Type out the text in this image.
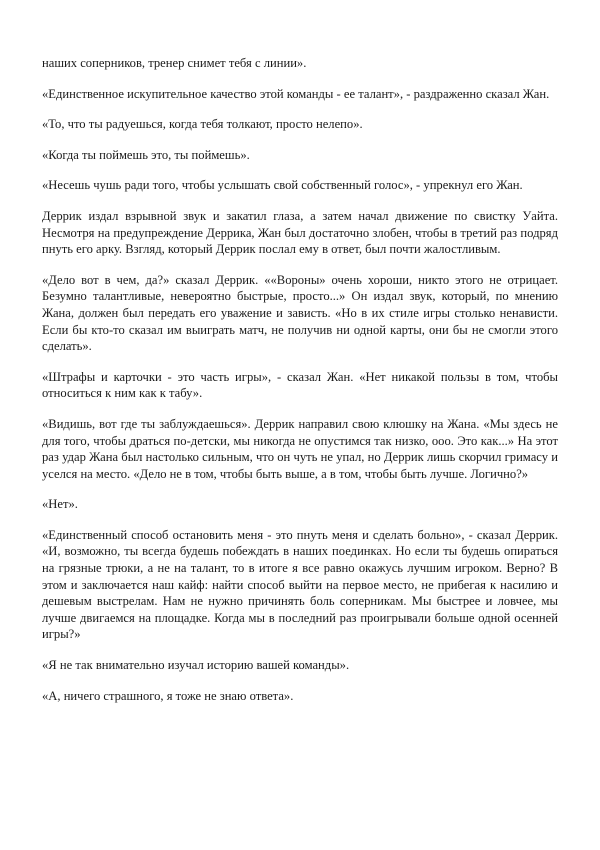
наших соперников, тренер снимет тебя с линии».

«Единственное искупительное качество этой команды - ее талант», - раздраженно сказал Жан.

«То, что ты радуешься, когда тебя толкают, просто нелепо».

«Когда ты поймешь это, ты поймешь».

«Несешь чушь ради того, чтобы услышать свой собственный голос», - упрекнул его Жан.

Деррик издал взрывной звук и закатил глаза, а затем начал движение по свистку Уайта. Несмотря на предупреждение Деррика, Жан был достаточно злобен, чтобы в третий раз подряд пнуть его арку. Взгляд, который Деррик послал ему в ответ, был почти жалостливым.

«Дело вот в чем, да?» сказал Деррик. ««Вороны» очень хороши, никто этого не отрицает. Безумно талантливые, невероятно быстрые, просто...» Он издал звук, который, по мнению Жана, должен был передать его уважение и зависть. «Но в их стиле игры столько ненависти. Если бы кто-то сказал им выиграть матч, не получив ни одной карты, они бы не смогли этого сделать».

«Штрафы и карточки - это часть игры», - сказал Жан. «Нет никакой пользы в том, чтобы относиться к ним как к табу».

«Видишь, вот где ты заблуждаешься». Деррик направил свою клюшку на Жана. «Мы здесь не для того, чтобы драться по-детски, мы никогда не опустимся так низко, ооо. Это как...» На этот раз удар Жана был настолько сильным, что он чуть не упал, но Деррик лишь скорчил гримасу и уселся на место. «Дело не в том, чтобы быть выше, а в том, чтобы быть лучше. Логично?»

«Нет».

«Единственный способ остановить меня - это пнуть меня и сделать больно», - сказал Деррик. «И, возможно, ты всегда будешь побеждать в наших поединках. Но если ты будешь опираться на грязные трюки, а не на талант, то в итоге я все равно окажусь лучшим игроком. Верно? В этом и заключается наш кайф: найти способ выйти на первое место, не прибегая к насилию и дешевым выстрелам. Нам не нужно причинять боль соперникам. Мы быстрее и ловчее, мы лучше двигаемся на площадке. Когда мы в последний раз проигрывали больше одной осенней игры?»

«Я не так внимательно изучал историю вашей команды».

«А, ничего страшного, я тоже не знаю ответа».
